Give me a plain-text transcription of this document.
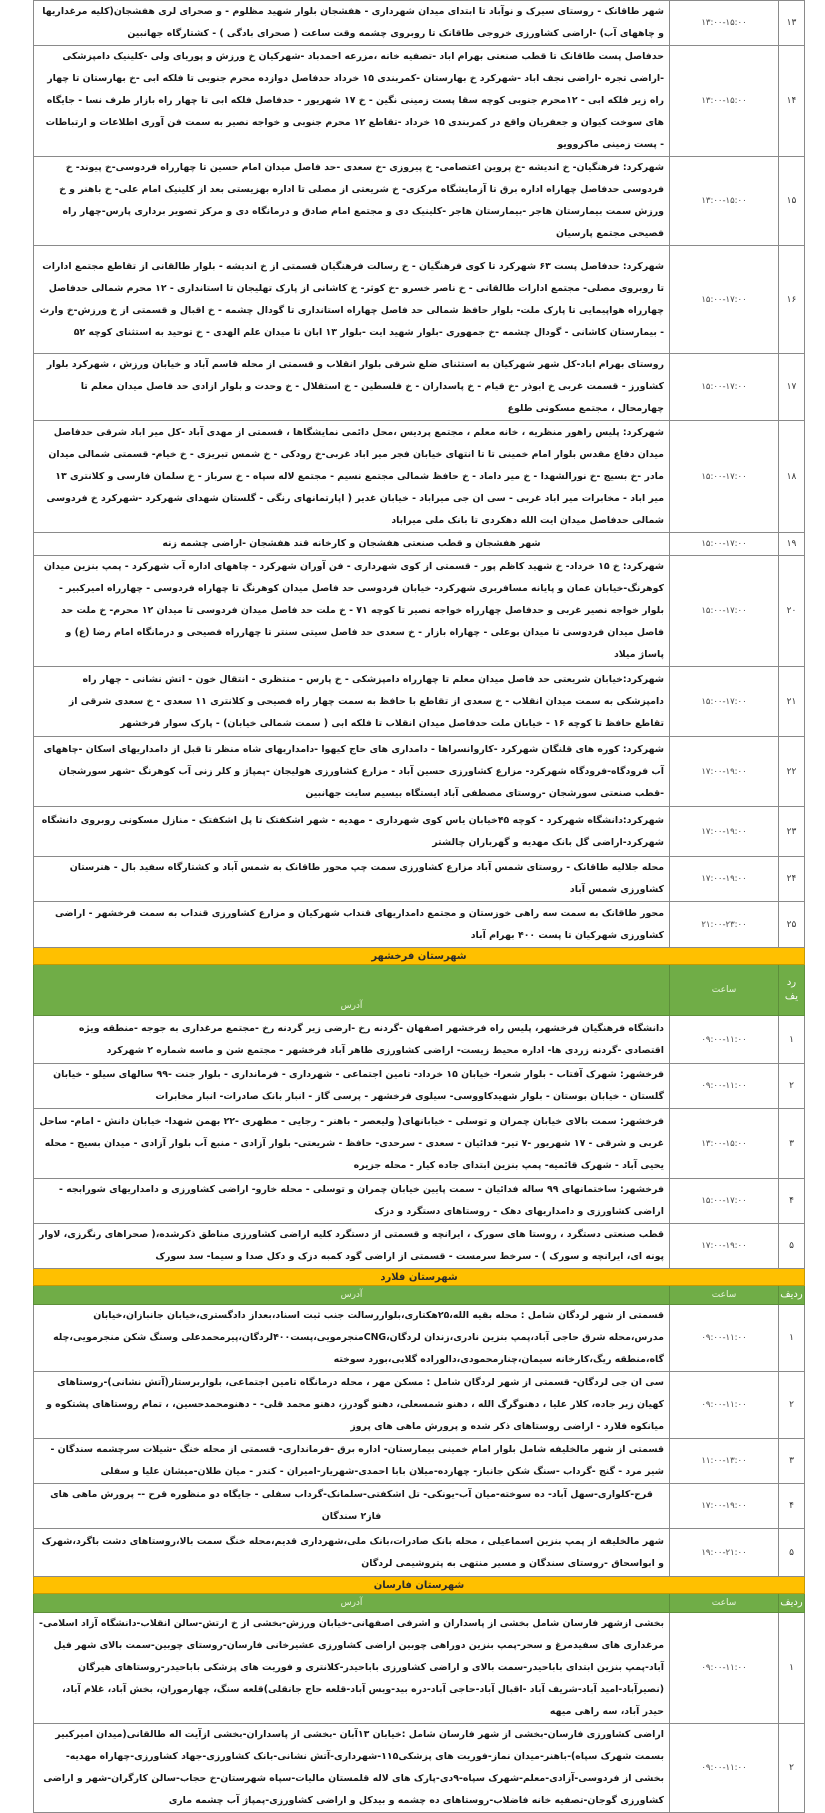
۱۳	۱۳:۰۰-۱۵:۰۰	شهر طاقانک - روستای سیرک و نوآباد تا ابتدای میدان شهرداری - هفشجان بلوار شهید مظلوم - و صحرای لری هفشجان(کلیه مرغداریها و چاههای آب) -اراضی کشاورزی خروجی طاقانک تا روبروی چشمه وقت ساعت ( صحرای بادگی ) - کشتارگاه جهانبین
۱۴	۱۳:۰۰-۱۵:۰۰	حدفاصل پست طاقانک تا قطب صنعتی بهرام اباد -تصفیه خانه ،مزرعه احمدباد -شهرکیان خ ورزش و پوریای ولی -کلینیک دامپزشکی -اراضی تجره -اراضی نجف اباد -شهرکرد خ بهارستان -کمربندی ۱۵ خرداد حدفاصل دوازده محرم جنوبی تا فلکه ابی -خ بهارستان تا چهار راه زیر فلکه ابی - ۱۲محرم جنوبی کوچه سقا پست زمینی نگین - خ ۱۷ شهریور - حدفاصل فلکه ابی تا چهار راه بازار طرف نسا - جایگاه های سوخت کیوان و جعفریان واقع در کمربندی ۱۵ خرداد -تقاطع ۱۲ محرم جنوبی و خواجه نصیر به سمت فن آوری اطلاعات و ارتباطات - پست زمینی ماکروویو
۱۵	۱۳:۰۰-۱۵:۰۰	شهرکرد: فرهنگیان- خ اندیشه -خ پروین اعتصامی- خ پیروزی -خ سعدی -حد فاصل میدان امام حسین تا چهارراه فردوسی-خ پیوند- خ فردوسی حدفاصل چهاراه اداره برق تا آزمایشگاه مرکزی- خ شریعتی از مصلی تا اداره بهزیستی بعد از کلینیک امام علی- خ باهنر و خ ورزش سمت بیمارستان هاجر -بیمارستان هاجر -کلینیک دی و مجتمع امام صادق و درمانگاه دی و مرکز تصویر برداری پارس-چهار راه فصیحی مجتمع پارسیان
۱۶	۱۵:۰۰-۱۷:۰۰	شهرکرد: حدفاصل پست ۶۳ شهرکرد تا کوی فرهنگیان - خ رسالت فرهنگیان قسمتی از خ اندیشه - بلوار طالقانی از تقاطع مجتمع ادارات تا روبروی مصلی- مجتمع ادارات طالقانی - خ ناصر خسرو -خ کوثر- خ کاشانی از پارک تهلیجان تا استانداری - ۱۲ محرم شمالی حدفاصل چهارراه هواپیمایی تا پارک ملت- بلوار حافظ شمالی حد فاصل چهاراه استانداری تا گودال چشمه - خ اقبال و قسمتی از خ ورزش-خ وارث - بیمارستان کاشانی - گودال چشمه -خ جمهوری -بلوار شهید ایت -بلوار ۱۳ ابان تا میدان علم الهدی - خ توحید به استثنای کوچه ۵۲
۱۷	۱۵:۰۰-۱۷:۰۰	روستای بهرام اباد-کل شهر شهرکیان به استثنای ضلع شرقی بلوار انقلاب و قسمتی از محله قاسم آباد و خیابان ورزش ، شهرکرد بلوار کشاورز - قسمت غربی خ ابوذر -خ قیام - خ پاسداران - خ فلسطین - خ استقلال - خ وحدت و بلوار ازادی حد فاصل میدان معلم تا چهارمحال ، مجتمع مسکونی طلوع
۱۸	۱۵:۰۰-۱۷:۰۰	شهرکرد: پلیس راهور منظریه ، خانه معلم ، مجتمع پردیس ،محل دائمی نمایشگاها ، قسمتی از مهدی آباد -کل میر اباد شرقی حدفاصل میدان دفاع مقدس بلوار امام خمینی تا تا انتهای خیابان فجر میر اباد غربی-خ رودکی - خ شمس تبریزی - خ خیام- قسمتی شمالی میدان مادر -خ بسیج -خ نورالشهدا - خ میر داماد - خ حافظ شمالی مجتمع نسیم - مجتمع لاله سپاه - خ سرباز - خ سلمان فارسی و کلانتری ۱۳ میر اباد - مخابرات میر اباد غربی - سی ان جی میراباد - خیابان غدیر ( اپارتمانهای رنگی - گلستان شهدای شهرکرد -شهرکرد خ فردوسی شمالی حدفاصل میدان ایت الله دهکردی تا بانک ملی میراباد
۱۹	۱۵:۰۰-۱۷:۰۰	شهر هفشجان و قطب صنعتی هفشجان و کارخانه قند هفشجان -اراضی چشمه زنه
۲۰	۱۵:۰۰-۱۷:۰۰	شهرکرد: خ ۱۵ خرداد- خ شهید کاظم پور - قسمتی از کوی شهرداری - فن آوران شهرکرد - چاههای اداره آب شهرکرد - پمپ بنزین میدان کوهرنگ-خیابان عمان و پایانه مسافربری شهرکرد- خیابان فردوسی حد فاصل میدان کوهرنگ تا چهاراه فردوسی - چهارراه امیرکبیر - بلوار خواجه نصیر غربی و حدفاصل چهارراه خواجه نصیر تا کوچه ۷۱ - خ ملت حد فاصل میدان فردوسی تا میدان ۱۲ محرم- خ ملت حد فاصل میدان فردوسی تا میدان بوعلی - چهاراه بازار - خ سعدی حد فاصل سیتی سنتر تا چهارراه فصیحی و درمانگاه امام رضا (ع) و پاساژ میلاد
۲۱	۱۵:۰۰-۱۷:۰۰	شهرکرد:خیابان شریعتی حد فاصل میدان معلم تا چهارراه دامپزشکی - خ پارس - منتظری - انتقال خون - اتش نشانی - چهار راه دامپزشکی به سمت میدان انقلاب - خ سعدی از تقاطع با حافظ به سمت چهار راه فصیحی و کلانتری ۱۱ سعدی - خ سعدی شرقی از تقاطع حافظ تا کوچه ۱۶ - خیابان ملت حدفاصل میدان انقلاب تا فلکه ابی ( سمت شمالی خیابان) - پارک سوار فرخشهر
۲۲	۱۷:۰۰-۱۹:۰۰	شهرکرد: کوره های قلنگان شهرکرد -کاروانسراها - دامداری های حاج کیهوا -دامداریهای شاه منظر تا قبل از دامداریهای اسکان -چاههای آب فرودگاه-فرودگاه شهرکرد- مزارع کشاورزی حسین آباد - مزارع کشاورزی هولیجان -پمپاژ و کلر زنی آب کوهرنگ -شهر سورشجان -قطب صنعتی سورشجان -روستای مصطفی آباد ایستگاه بیسیم سایت جهانبین
۲۳	۱۷:۰۰-۱۹:۰۰	شهرکرد:دانشگاه شهرکرد - کوچه ۴۵خیابان یاس کوی شهرداری - مهدیه - شهر اشکفتک تا پل اشکفتک - منازل مسکونی روبروی دانشگاه شهرکرد-اراضی گل بانک مهدیه و گهرباران چالشتر
۲۴	۱۷:۰۰-۱۹:۰۰	محله جلالیه طاقانک - روستای شمس آباد مزارع کشاورزی سمت چپ محور طاقانک به شمس آباد و کشتارگاه سفید بال - هنرستان کشاورزی شمس آباد
۲۵	۲۱:۰۰-۲۳:۰۰	محور طاقانک به سمت سه راهی خوزستان و مجتمع دامداریهای قنداب شهرکیان و مزارع کشاورزی قنداب به سمت فرخشهر - اراضی کشاورزی شهرکیان تا پست ۴۰۰ بهرام آباد
شهرستان فرخشهر		

رد
یف	ساعت	آدرس
۱	۰۹:۰۰-۱۱:۰۰	دانشگاه فرهنگیان فرخشهر، پلیس راه فرخشهر اصفهان -گردنه رخ -ارضی زیر گردنه رخ -مجتمع مرغداری به جوجه -منطقه ویژه اقتصادی -گردنه زردی ها- اداره محیط زیست- اراضی کشاورزی طاهر آباد فرخشهر - مجتمع شن و ماسه شماره ۲ شهرکرد
۲	۰۹:۰۰-۱۱:۰۰	فرخشهر: شهرک آفتاب - بلوار شعرا- خیابان ۱۵ خرداد- تامین اجتماعی - شهرداری - فرمانداری - بلوار جنت -۹۹ سالهای سیلو - خیابان گلستان - خیابان بوستان - بلوار شهیدکاووسی- سیلوی فرخشهر - پرسی گاز - انبار بانک صادرات- انبار مخابرات
۳	۱۳:۰۰-۱۵:۰۰	فرخشهر: سمت بالای خیابان چمران و توسلی - خیابانهای( ولیعصر - باهنر - رجایی - مطهری -۲۲ بهمن شهدا- خیابان دانش - امام- ساحل غربی و شرقی - ۱۷ شهریور -۷ تیر- فدائیان - سعدی - سرحدی- حافظ - شریعتی- بلوار آزادی - منبع آب بلوار آزادی - میدان بسیج - محله یحیی آباد - شهرک قائمیه- پمپ بنزین ابتدای جاده کیار - محله جزیره
۴	۱۵:۰۰-۱۷:۰۰	فرخشهر: ساختمانهای ۹۹ ساله فدائیان - سمت پایین خیابان چمران و توسلی - محله خارو- اراضی کشاورزی و دامداریهای شورابجه - اراضی کشاورزی و دامداریهای دهک - روستاهای دستگرد و دزک
۵	۱۷:۰۰-۱۹:۰۰	قطب صنعتی دستگرد ، روستا های سورک ، ایرانچه و قسمتی از دستگرد کلیه اراضی کشاورزی مناطق ذکرشده،( صحراهای رنگرزی، لاوار پونه ای، ایرانچه و سورک ) - سرخط سرمست - قسمتی از اراضی گود کمبه دزک و دکل صدا و سیما- سد سورک
شهرستان فلارد		
ردیف	ساعت	آدرس
۱	۰۹:۰۰-۱۱:۰۰	قسمتی از شهر لردگان شامل : محله بقیه الله،۲۵هکتاری،بلواررسالت جنب ثبت اسناد،بعداز دادگستری،خیابان جانبازان،خیابان مدرس،محله شرق حاجی آباد،پمپ بنزین نادری،زندان لردگان،CNGمنجرمویی،پست۴۰۰لردگان،پیرمحمدعلی وسنگ شکن منجرمویی،چله گاه،منطقه ریگ،کارخانه سیمان،چنارمحمودی،دالوراده گلابی،بورد سوخته
۲	۰۹:۰۰-۱۱:۰۰	سی ان جی لردگان- قسمتی از شهر لردگان شامل : مسکن مهر ، محله درمانگاه تامین اجتماعی، بلواربرستار(آتش نشانی)-روستاهای کهیان زیر جاده، کلار علیا ، دهنوگرگ الله ، دهنو شمسعلی، دهنو گودرز، دهنو محمد قلی- - دهنومحمدحسین، ، تمام روستاهای پشتکوه و میانکوه فلارد - اراضی روستاهای ذکر شده و پرورش ماهی های پروز
۳	۱۱:۰۰-۱۳:۰۰	قسمتی از شهر مالخلیفه شامل بلوار امام خمینی بیمارستان- اداره برق -فرمانداری- قسمتی از محله خنگ -شیلات سرچشمه سندگان - شیر مرد - گنج -گرداب -سنگ شکن جانباز- چهارده-میلان بابا احمدی-شهریار-امیران - کندر - میان طلان-میشان علیا و سفلی
۴	۱۷:۰۰-۱۹:۰۰	قرح-کلواری-سهل آباد- ده سوخته-میان آب-یونکی- تل اشکفتی-سلمانک-گرداب سفلی - جایگاه دو منظوره قرح -- پرورش ماهی های فاز۲ سندگان
۵	۱۹:۰۰-۲۱:۰۰	شهر مالخلیفه از پمپ بنزین اسماعیلی ، محله بانک صادرات،بانک ملی،شهرداری قدیم،محله خنگ سمت بالا،روستاهای دشت باگرد،شهرک و ابواسحاق -روستای سندگان و مسیر منتهی به پتروشیمی لردگان
شهرستان فارسان		
ردیف	ساعت	آدرس
۱	۰۹:۰۰-۱۱:۰۰	بخشی ازشهر فارسان شامل بخشی از پاسداران و اشرفی اصفهانی-خیابان ورزش-بخشی از خ ارتش-سالن انقلاب-دانشگاه آزاد اسلامی-مرغداری های سفیدمرغ و سحر-پمپ بنزین دوراهی چوبین اراضی کشاورزی عشیرخانی فارسان-روستای چوبین-سمت بالای شهر فیل آباد-پمپ بنزین ابتدای باباحیدر-سمت بالای و اراضی کشاورزی باباحیدر-کلانتری و فوریت های پزشکی باباحیدر-روستاهای هیرگان (نصیرآباد-امید آباد-شریف آباد -اقبال آباد-حاجی آباد-دره بید-ویس آباد-قلعه حاج جانقلی)قلعه سنگ، چهارموران، بخش آباد، غلام آباد، حیدر آباد، سه راهی میهه
۲	۰۹:۰۰-۱۱:۰۰	اراضی کشاورزی فارسان-بخشی از شهر فارسان شامل :خیابان ۱۳آبان -بخشی از پاسداران-بخشی ازآیت اله طالقانی(میدان امیرکبیر بسمت شهرک سپاه)-باهنر-میدان نماز-فوریت های پزشکی۱۱۵-شهرداری-آتش نشانی-بانک کشاورزی-جهاد کشاورزی-چهاراه مهدیه-بخشی از فردوسی-آزادی-معلم-شهرک سپاه-۹دی-پارک های لاله قلمستان مالیات-سپاه شهرستان-خ حجاب-سالن کارگران-شهر و اراضی کشاورزی گوجان-تصفیه خانه فاضلاب-روستاهای ده چشمه و بیدکل و اراضی کشاورزی-پمپاژ آب چشمه ماری
